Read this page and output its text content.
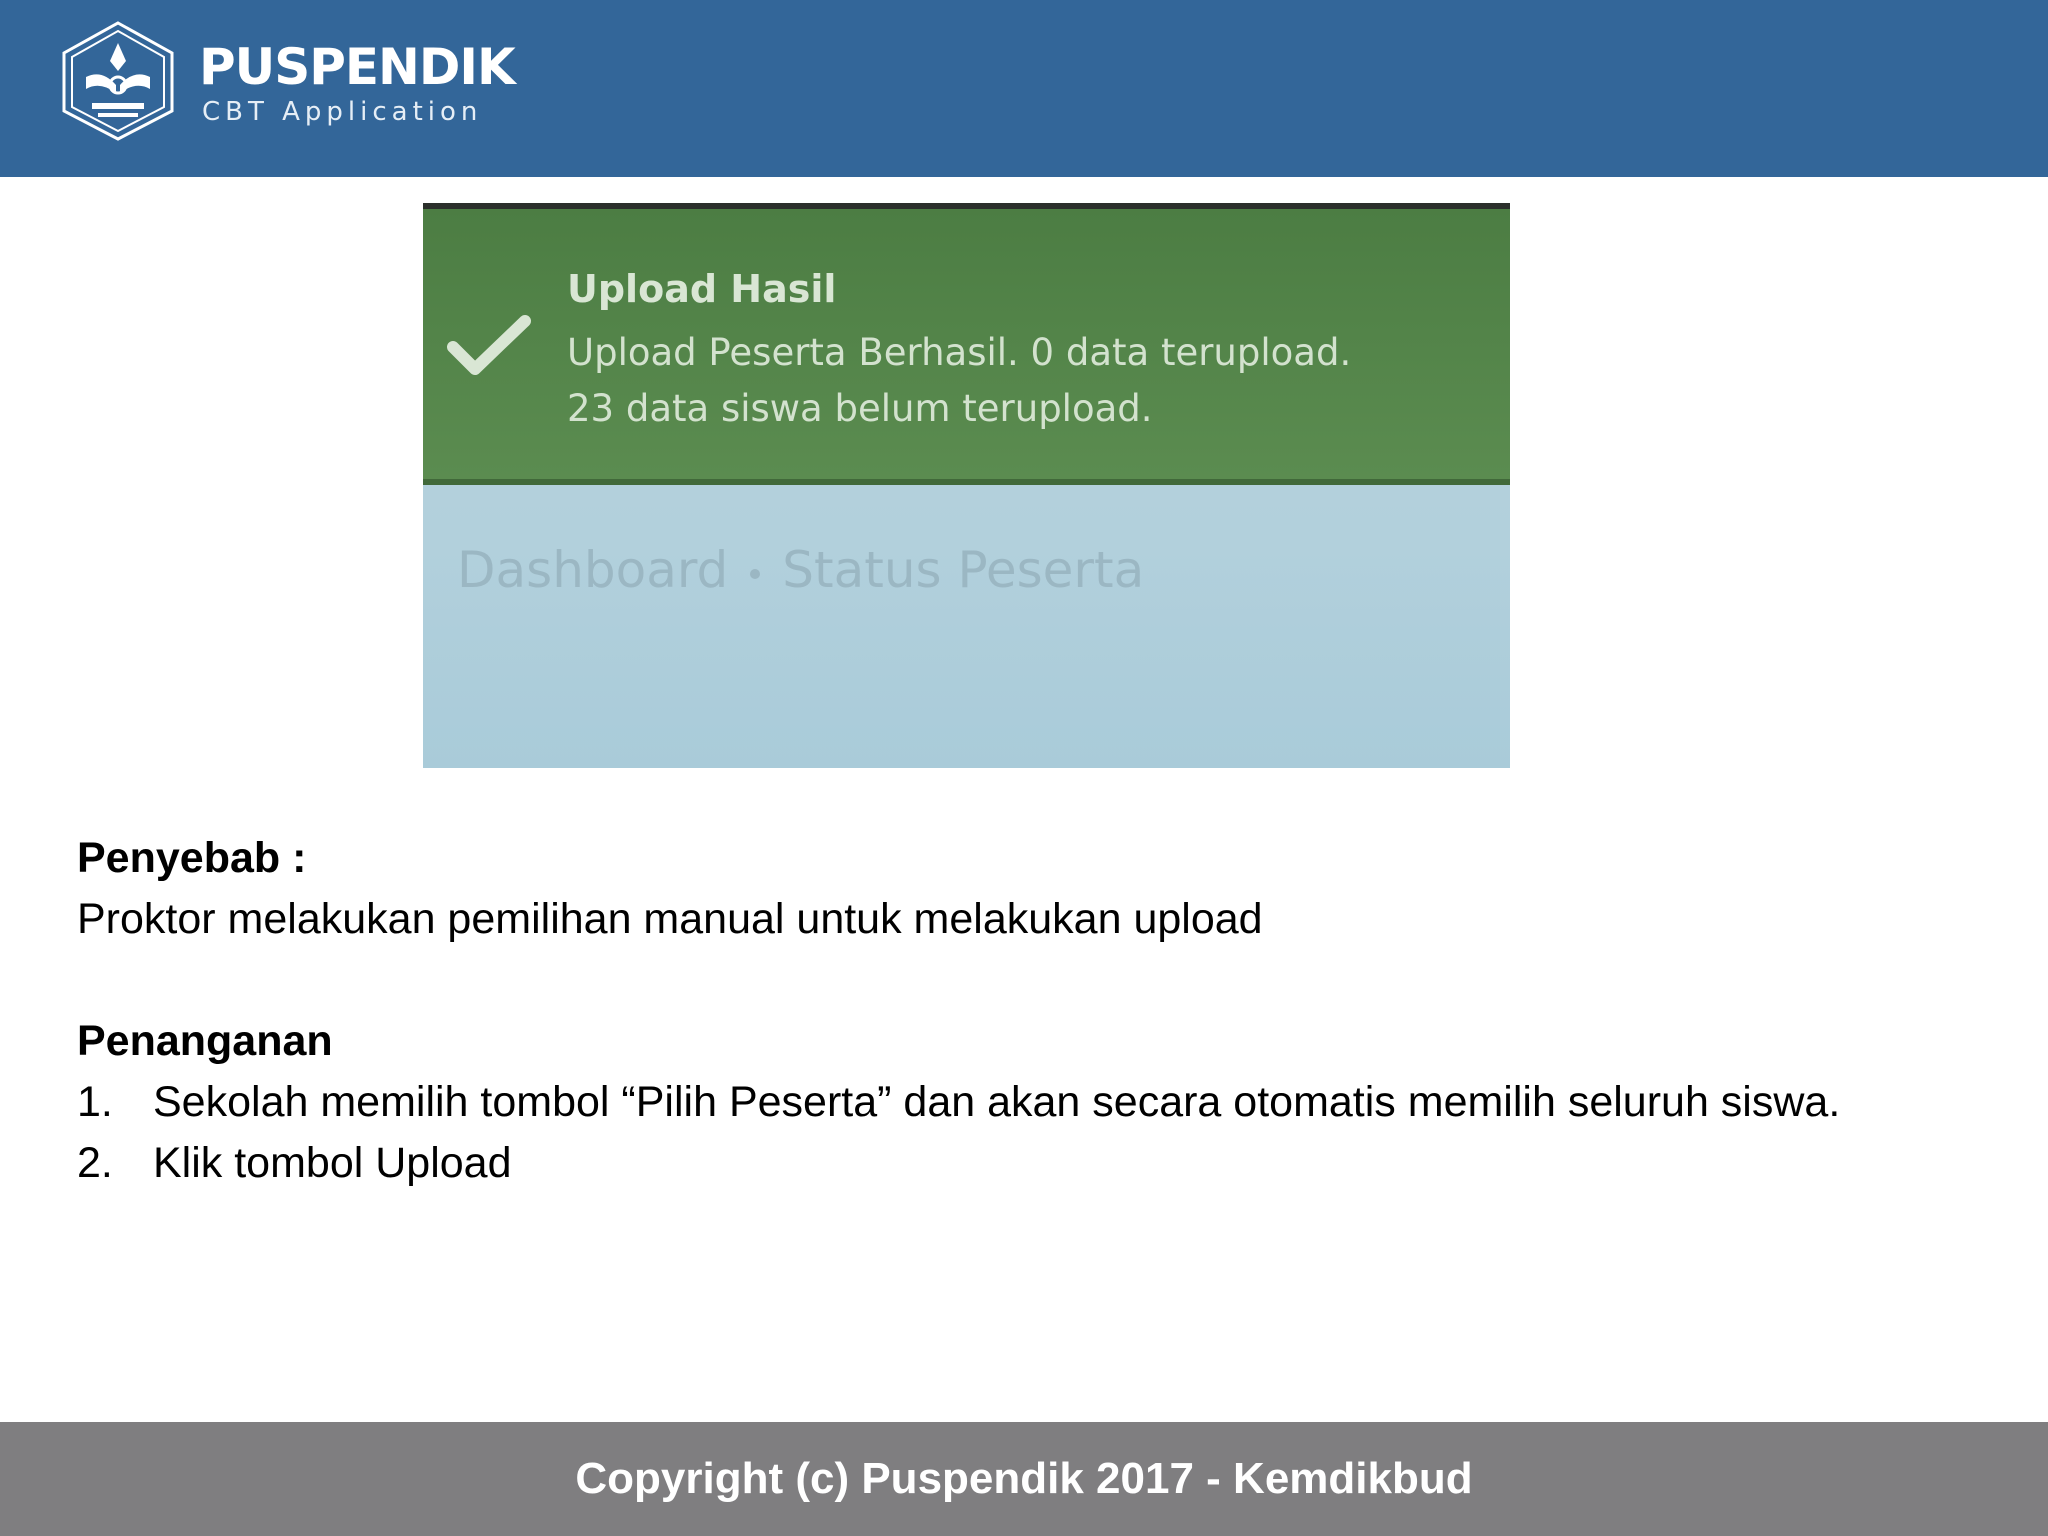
PUSPENDIK
CBT Application
Upload Hasil
Upload Peserta Berhasil. 0 data terupload.
23 data siswa belum terupload.
Dashboard Status Peserta
Penyebab :
Proktor melakukan pemilihan manual untuk melakukan upload
Penanganan
1. Sekolah memilih tombol “Pilih Peserta” dan akan secara otomatis memilih seluruh siswa.
2. Klik tombol Upload
Copyright (c) Puspendik 2017 - Kemdikbud
